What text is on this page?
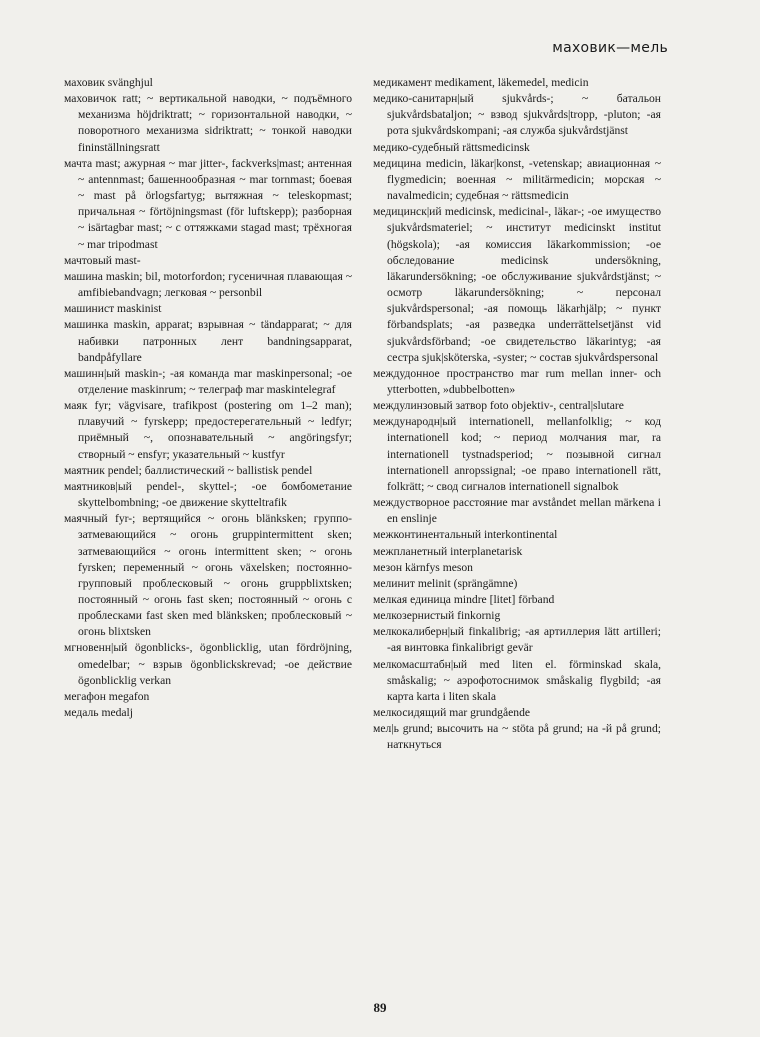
маховик—мель

маховик svänghjul

маховичок ratt; ~ вертикальной наводки, ~ подъёмного механизма höjdriktratt; ~ горизонтальной наводки, ~ поворотного механизма sidriktratt; ~ тонкой наводки fininställningsratt

мачта mast; ажурная ~ mar jitter-, fackverks|mast; антенная ~ antennmast; башеннообразная ~ mar tornmast; боевая ~ mast på örlogsfartyg; вытяжная ~ teleskopmast; причальная ~ förtöjningsmast (för luftskepp); разборная ~ isärtagbar mast; ~ с оттяжками stagad mast; трёхногая ~ mar tripodmast

мачтовый mast-

машина maskin; bil, motorfordon; гусеничная плавающая ~ amfibiebandvagn; легковая ~ personbil

машинист maskinist

машинка maskin, apparat; взрывная ~ tändapparat; ~ для набивки патронных лент bandningsapparat, bandpåfyllare

машинн|ый maskin-; -ая команда mar maskinpersonal; -ое отделение maskinrum; ~ телеграф mar maskintelegraf

маяк fyr; vägvisare, trafikpost (postering om 1–2 man); плавучий ~ fyrskepp; предостерегательный ~ ledfyr; приёмный ~, опознавательный ~ angöringsfyr; створный ~ ensfyr; указательный ~ kustfyr

маятник pendel; баллистический ~ ballistisk pendel

маятников|ый pendel-, skyttel-; -ое бомбометание skyttelbombning; -ое движение skytteltrafik

маячный fyr-; вертящийся ~ огонь blänksken; группо-затмевающийся ~ огонь gruppintermittent sken; затмевающийся ~ огонь intermittent sken; ~ огонь fyrsken; переменный ~ огонь växelsken; постоянно-групповый проблесковый ~ огонь gruppblixtsken; постоянный ~ огонь fast sken; постоянный ~ огонь с проблесками fast sken med blänksken; проблесковый ~ огонь blixtsken

мгновенн|ый ögonblicks-, ögonblicklig, utan fördröjning, omedelbar; ~ взрыв ögonblickskrevad; -ое действие ögonblicklig verkan

мегафон megafon

медаль medalj

медикамент medikament, läkemedel, medicin

медико-санитарн|ый sjukvårds-; ~ батальон sjukvårdsbataljon; ~ взвод sjukvårds|tropp, -pluton; -ая рота sjukvårdskompani; -ая служба sjukvårdstjänst

медико-судебный rättsmedicinsk

медицина medicin, läkar|konst, -vetenskap; авиационная ~ flygmedicin; военная ~ militärmedicin; морская ~ navalmedicin; судебная ~ rättsmedicin

медицинск|ий medicinsk, medicinal-, läkar-; -ое имущество sjukvårdsmateriel; ~ институт medicinskt institut (högskola); -ая комиссия läkarkommission; -ое обследование medicinsk undersökning, läkarundersökning; -ое обслуживание sjukvårdstjänst; ~ осмотр läkarundersökning; ~ персонал sjukvårdspersonal; -ая помощь läkarhjälp; ~ пункт förbandsplats; -ая разведка underrättelsetjänst vid sjukvårdsförband; -ое свидетельство läkarintyg; -ая сестра sjuk|sköterska, -syster; ~ состав sjukvårdspersonal

междудонное пространство mar rum mellan inner- och ytterbotten, »dubbelbotten»

междулинзовый затвор foto objektiv-, central|slutare

международн|ый internationell, mellanfolklig; ~ код internationell kod; ~ период молчания mar, ra internationell tystnadsperiod; ~ позывной сигнал internationell anropssignal; -ое право internationell rätt, folkrätt; ~ свод сигналов internationell signalbok

междустворное расстояние mar avståndet mellan märkena i en enslinje

межконтинентальный interkontinental

межпланетный interplanetarisk

мезон kärnfys meson

мелинит melinit (sprängämne)

мелкая единица mindre [litet] förband

мелкозернистый finkornig

мелкокалиберн|ый finkalibrig; -ая артиллерия lätt artilleri; -ая винтовка finkalibrigt gevär

мелкомасштабн|ый med liten el. förminskad skala, småskalig; ~ аэрофотоснимок småskalig flygbild; -ая карта karta i liten skala

мелкосидящий mar grundgående

мел|ь grund; высочить на ~ stöta på grund; на -й på grund; наткнуться

89
